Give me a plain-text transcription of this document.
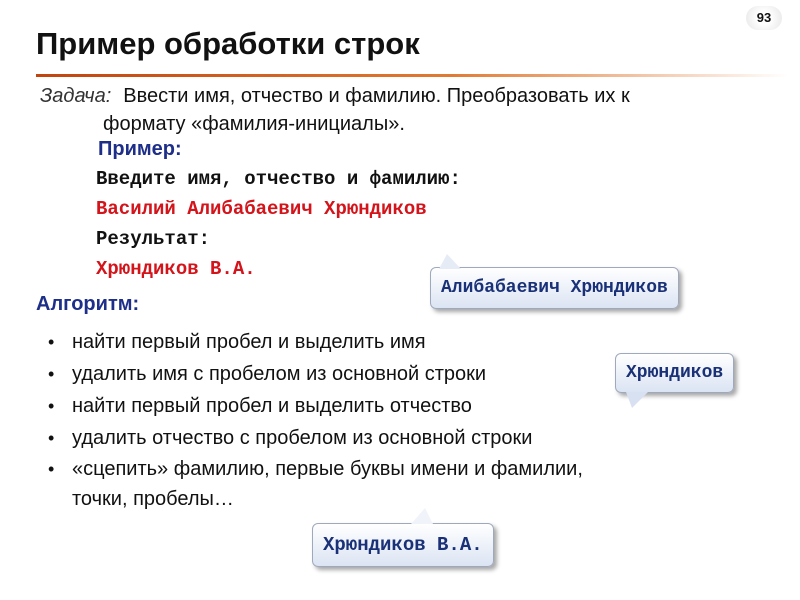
93
Пример обработки строк
Задача: Ввести имя, отчество и фамилию. Преобразовать их к
формату «фамилия-инициалы».
Пример:
Введите имя, отчество и фамилию:
Василий Алибабаевич Хрюндиков
Результат:
Хрюндиков В.А.
Алибабаевич Хрюндиков
Алгоритм:
• найти первый пробел и выделить имя
• удалить имя с пробелом из основной строки
• найти первый пробел и выделить отчество
• удалить отчество с пробелом из основной строки
• «сцепить» фамилию, первые буквы имени и фамилии,
точки, пробелы…
Хрюндиков
Хрюндиков В.А.
